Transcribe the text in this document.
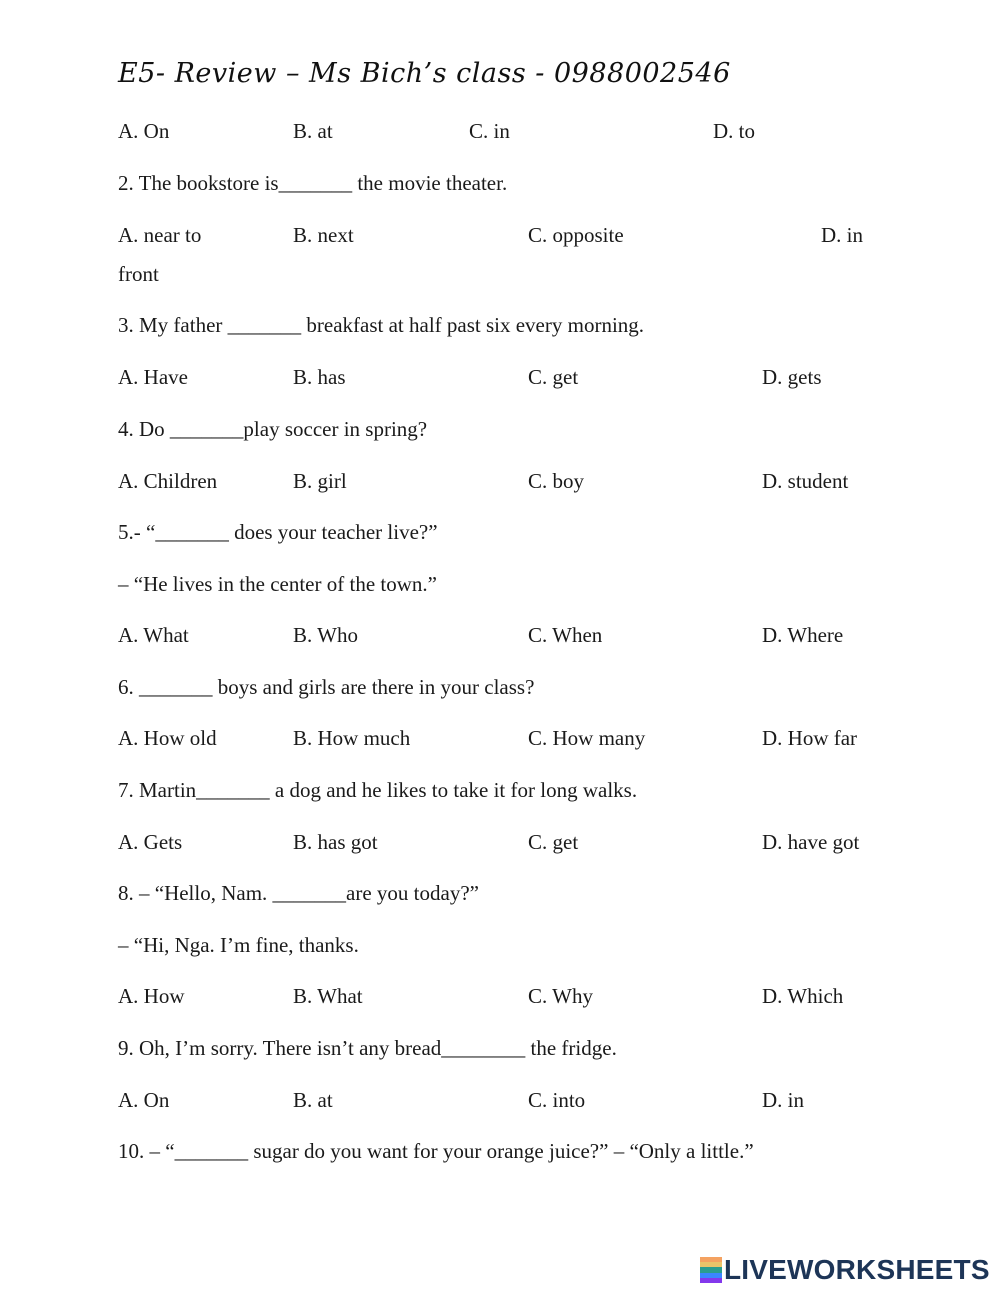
E5- Review – Ms Bich’s class - 0988002546
A. On	B. at	C. in	D. to
2. The bookstore is_______ the movie theater.
A. near to	B. next	C. opposite	D. in
front
3. My father _______ breakfast at half past six every morning.
A. Have	B. has	C. get	D. gets
4. Do _______play soccer in spring?
A. Children	B. girl	C. boy	D. student
5.- “_______ does your teacher live?”
– “He lives in the center of the town.”
A. What	B. Who	C. When	D. Where
6. _______ boys and girls are there in your class?
A. How old	B. How much	C. How many	D. How far
7. Martin_______ a dog and he likes to take it for long walks.
A. Gets	B. has got	C. get	D. have got
8. – “Hello, Nam. _______are you today?”
– “Hi, Nga. I’m fine, thanks.
A. How	B. What	C. Why	D. Which
9. Oh, I’m sorry. There isn’t any bread________ the fridge.
A. On	B. at	C. into	D. in
10. – “_______ sugar do you want for your orange juice?” – “Only a little.”
LIVEWORKSHEETS
